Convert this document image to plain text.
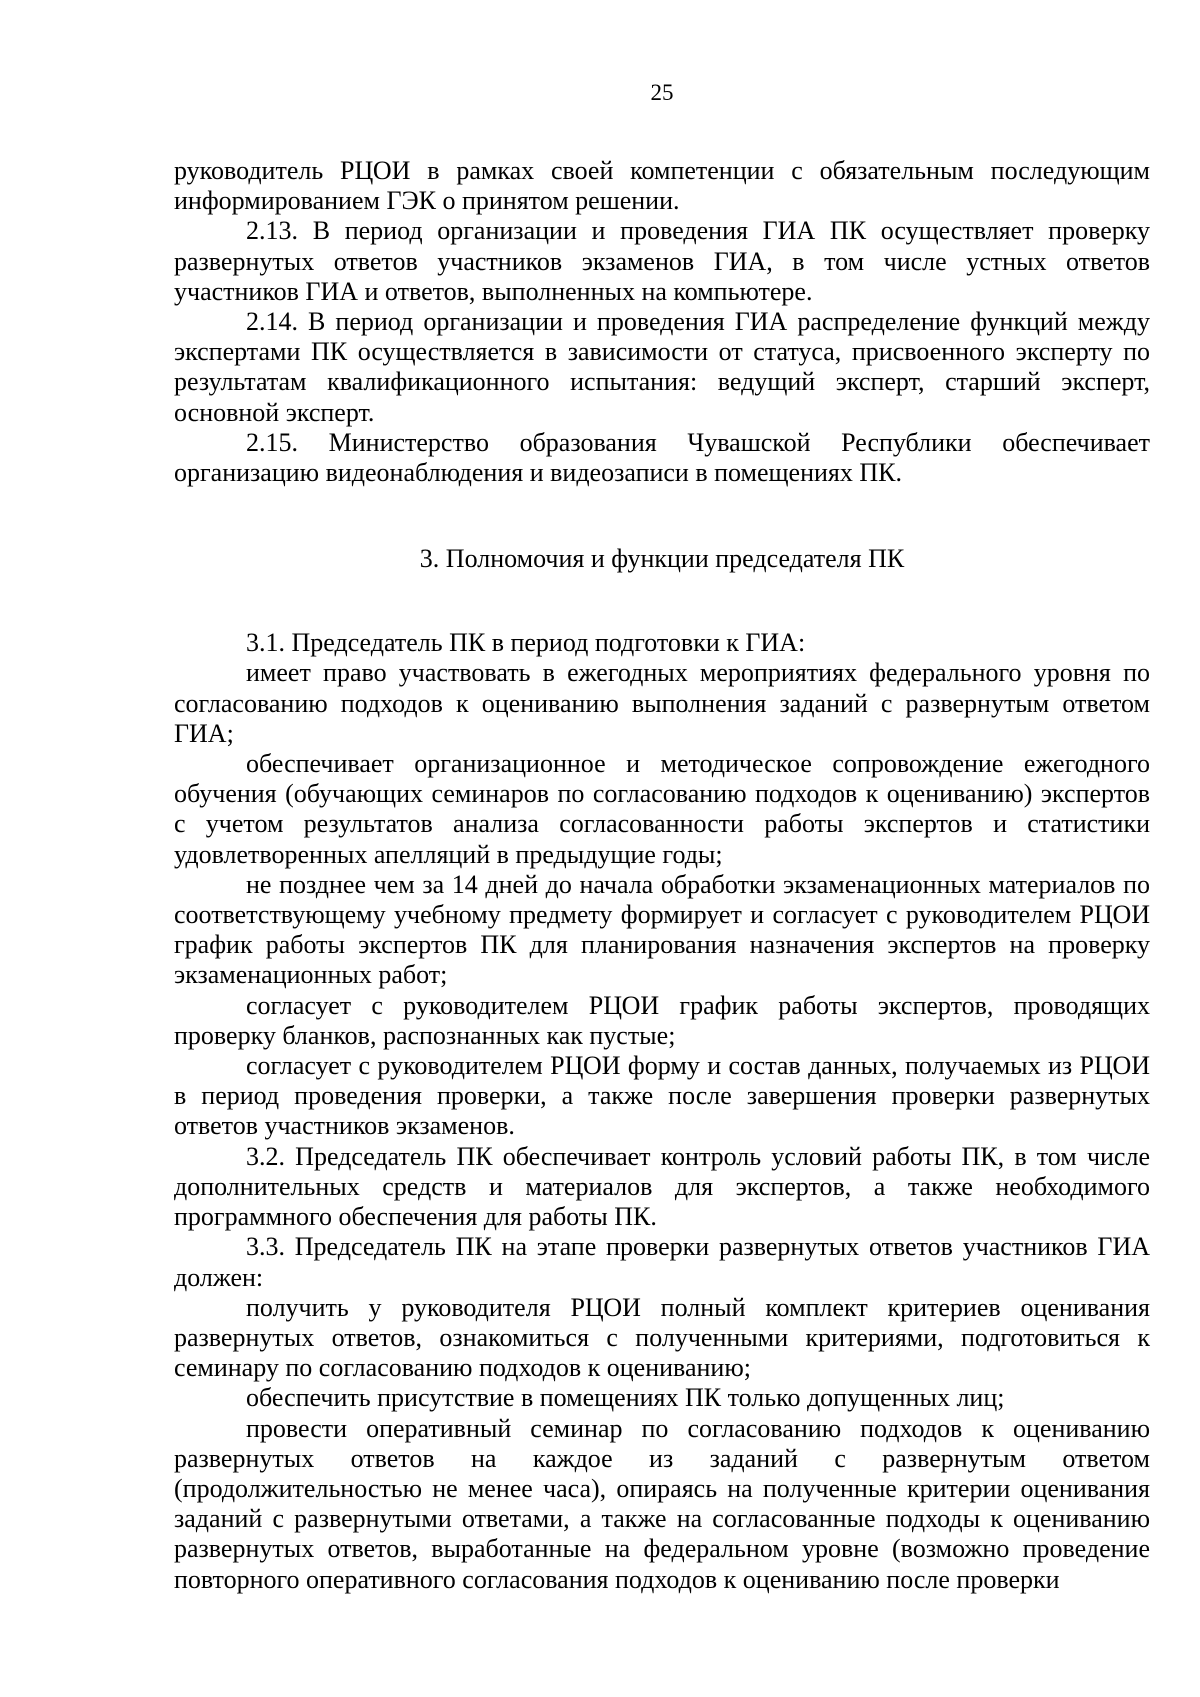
25

руководитель РЦОИ в рамках своей компетенции с обязательным последующим информированием ГЭК о принятом решении.

2.13. В период организации и проведения ГИА ПК осуществляет проверку развернутых ответов участников экзаменов ГИА, в том числе устных ответов участников ГИА и ответов, выполненных на компьютере.

2.14. В период организации и проведения ГИА распределение функций между экспертами ПК осуществляется в зависимости от статуса, присвоенного эксперту по результатам квалификационного испытания: ведущий эксперт, старший эксперт, основной эксперт.

2.15. Министерство образования Чувашской Республики обеспечивает организацию видеонаблюдения и видеозаписи в помещениях ПК.

3. Полномочия и функции председателя ПК

3.1. Председатель ПК в период подготовки к ГИА:

имеет право участвовать в ежегодных мероприятиях федерального уровня по согласованию подходов к оцениванию выполнения заданий с развернутым ответом ГИА;

обеспечивает организационное и методическое сопровождение ежегодного обучения (обучающих семинаров по согласованию подходов к оцениванию) экспертов с учетом результатов анализа согласованности работы экспертов и статистики удовлетворенных апелляций в предыдущие годы;

не позднее чем за 14 дней до начала обработки экзаменационных материалов по соответствующему учебному предмету формирует и согласует с руководителем РЦОИ график работы экспертов ПК для планирования назначения экспертов на проверку экзаменационных работ;

согласует с руководителем РЦОИ график работы экспертов, проводящих проверку бланков, распознанных как пустые;

согласует с руководителем РЦОИ форму и состав данных, получаемых из РЦОИ в период проведения проверки, а также после завершения проверки развернутых ответов участников экзаменов.

3.2. Председатель ПК обеспечивает контроль условий работы ПК, в том числе дополнительных средств и материалов для экспертов, а также необходимого программного обеспечения для работы ПК.

3.3. Председатель ПК на этапе проверки развернутых ответов участников ГИА должен:

получить у руководителя РЦОИ полный комплект критериев оценивания развернутых ответов, ознакомиться с полученными критериями, подготовиться к семинару по согласованию подходов к оцениванию;

обеспечить присутствие в помещениях ПК только допущенных лиц;

провести оперативный семинар по согласованию подходов к оцениванию развернутых ответов на каждое из заданий с развернутым ответом (продолжительностью не менее часа), опираясь на полученные критерии оценивания заданий с развернутыми ответами, а также на согласованные подходы к оцениванию развернутых ответов, выработанные на федеральном уровне (возможно проведение повторного оперативного согласования подходов к оцениванию после проверки
